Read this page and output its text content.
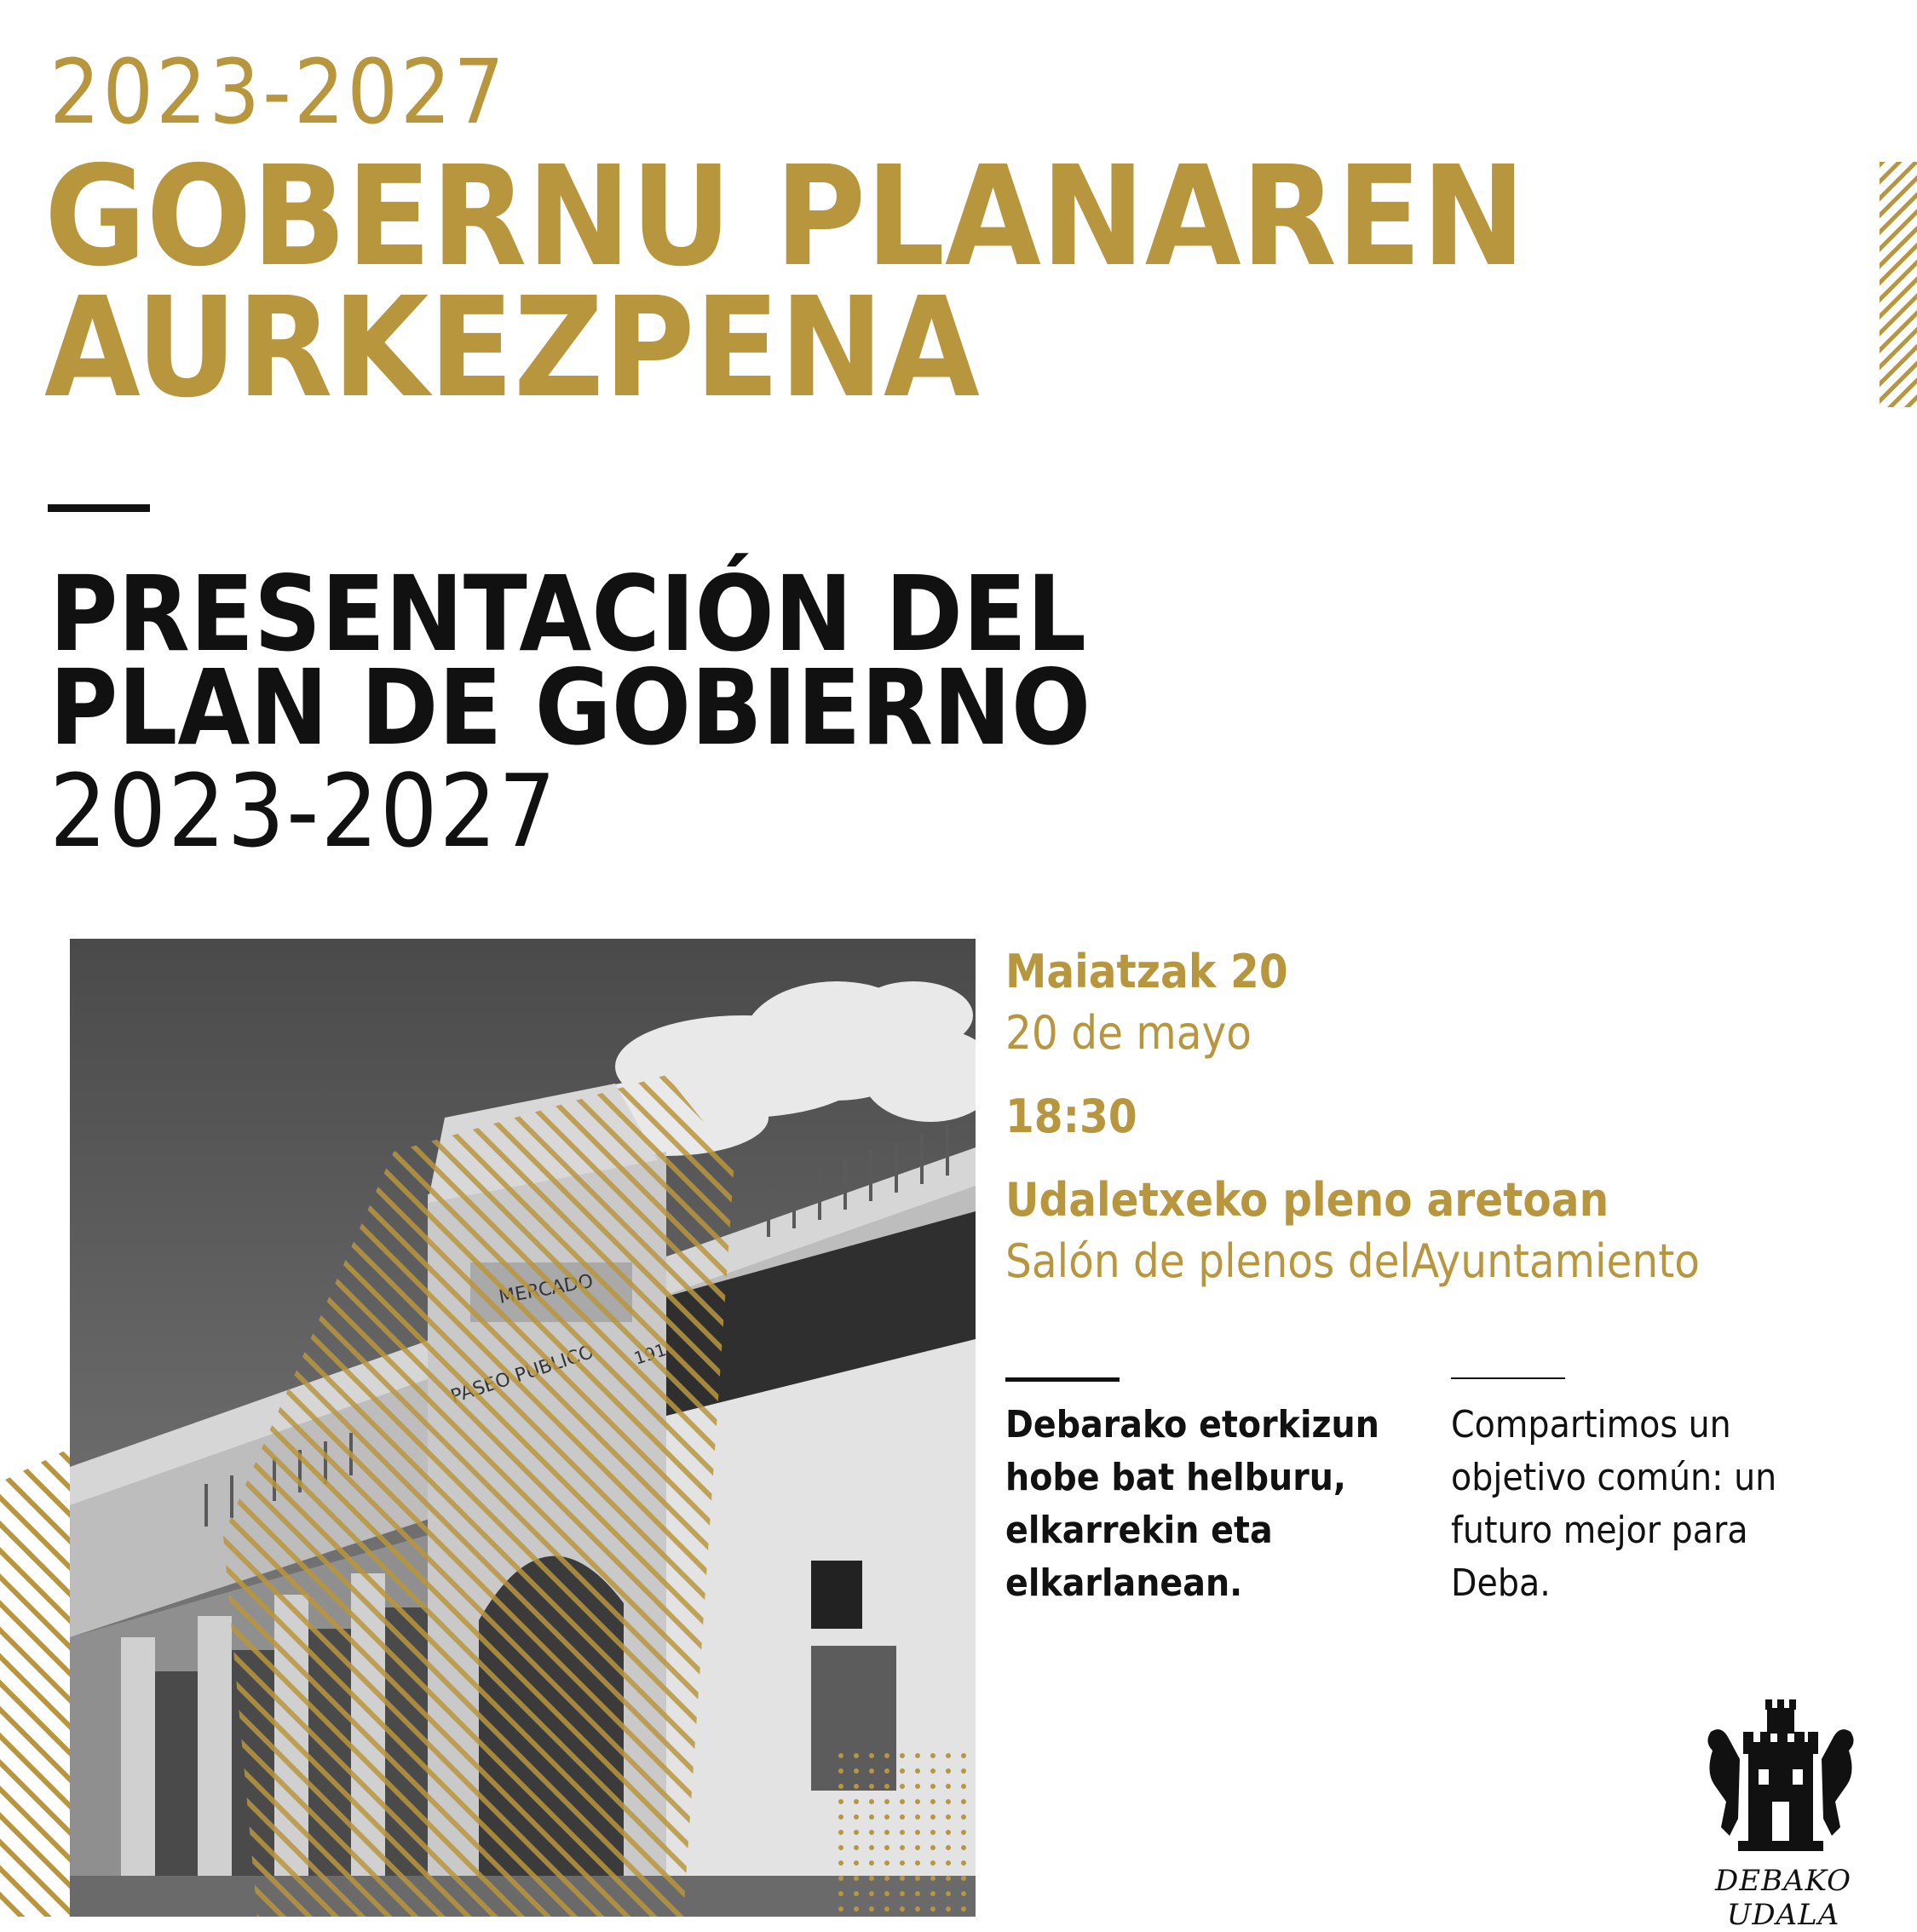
2023-2027
GOBERNU PLANAREN
AURKEZPENA
PRESENTACIÓN DEL
PLAN DE GOBIERNO
2023-2027
Maiatzak 20
20 de mayo
18:30
Udaletxeko pleno aretoan
Salón de plenos delAyuntamiento
Debarako etorkizun
hobe bat helburu,
elkarrekin eta
elkarlanean.
Compartimos un
objetivo común: un
futuro mejor para
Deba.
DEBAKO UDALA
